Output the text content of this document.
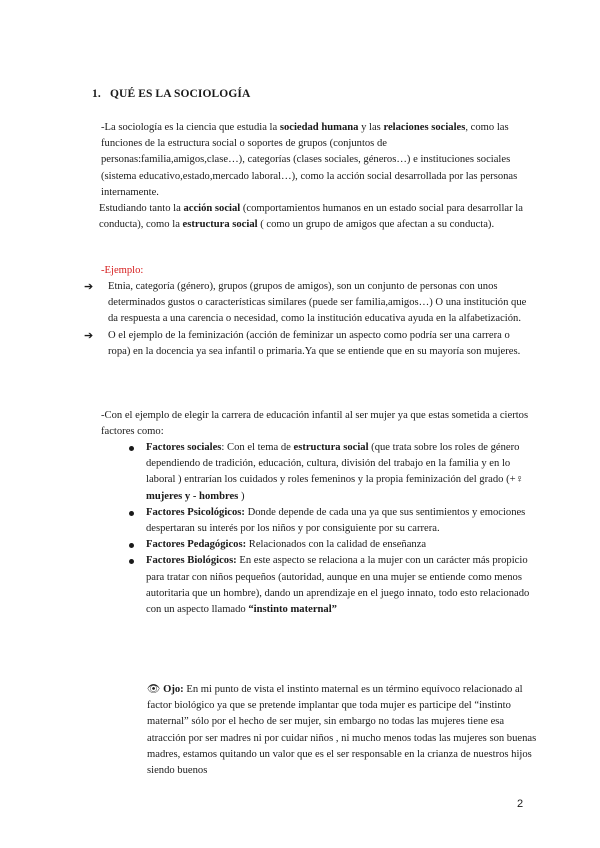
1. QUÉ ES LA SOCIOLOGÍA

-La sociología es la ciencia que estudia la sociedad humana y las relaciones sociales, como las funciones de la estructura social o soportes de grupos (conjuntos de personas:familia,amigos,clase…), categorías (clases sociales, géneros…) e instituciones sociales (sistema educativo,estado,mercado laboral…), como la acción social desarrollada por las personas internamente.

Estudiando tanto la acción social (comportamientos humanos en un estado social para desarrollar la conducta), como la estructura social ( como un grupo de amigos que afectan a su conducta).

-Ejemplo:
➔ Etnia, categoría (género), grupos (grupos de amigos), son un conjunto de personas con unos determinados gustos o características similares (puede ser familia,amigos…) O una institución que da respuesta a una carencia o necesidad, como la institución educativa ayuda en la alfabetización.
➔ O el ejemplo de la feminización (acción de feminizar un aspecto como podría ser una carrera o ropa) en la docencia ya sea infantil o primaria.Ya que se entiende que en su mayoría son mujeres.
-Con el ejemplo de elegir la carrera de educación infantil al ser mujer ya que estas sometida a ciertos factores como:
Factores sociales: Con el tema de estructura social (que trata sobre los roles de género dependiendo de tradición, educación, cultura, división del trabajo en la familia y en lo laboral ) entrarían los cuidados y roles femeninos y la propia feminización del grado (+♀ mujeres y - hombres )
Factores Psicológicos: Donde depende de cada una ya que sus sentimientos y emociones despertaran su interés por los niños y por consiguiente por su carrera.
Factores Pedagógicos: Relacionados con la calidad de enseñanza
Factores Biológicos: En este aspecto se relaciona a la mujer con un carácter más propicio para tratar con niños pequeños (autoridad, aunque en una mujer se entiende como menos autoritaria que un hombre), dando un aprendizaje en el juego innato, todo esto relacionado con un aspecto llamado “instinto maternal”
👁 Ojo: En mi punto de vista el instinto maternal es un término equívoco relacionado al factor biológico ya que se pretende implantar que toda mujer es participe del “instinto maternal” sólo por el hecho de ser mujer, sin embargo no todas las mujeres tiene esa atracción por ser madres ni por cuidar niños , ni mucho menos todas las mujeres son buenas madres, estamos quitando un valor que es el ser responsable en la crianza de nuestros hijos siendo buenos
2
